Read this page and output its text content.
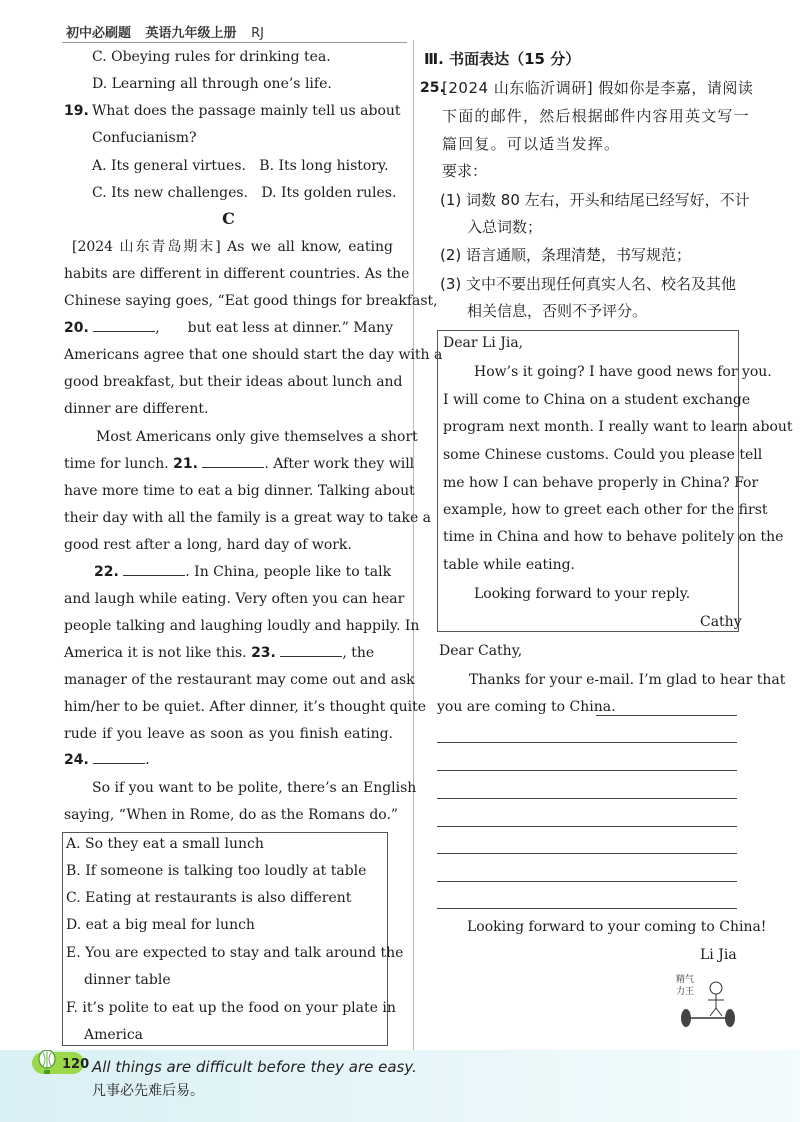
初中必刷题 英语九年级上册 RJ
C. Obeying rules for drinking tea.
D. Learning all through one’s life.
19. What does the passage mainly tell us about
Confucianism?
A. Its general virtues.   B. Its long history.
C. Its new challenges.   D. Its golden rules.
C
[2024 山东青岛期末] As we all know, eating
habits are different in different countries. As the
Chinese saying goes, “Eat good things for breakfast,
20.	, but eat less at dinner.” Many
Americans agree that one should start the day with a
good breakfast, but their ideas about lunch and
dinner are different.
Most Americans only give themselves a short
time for lunch. 21.	. After work they will
have more time to eat a big dinner. Talking about
their day with all the family is a great way to take a
good rest after a long, hard day of work.
22.	. In China, people like to talk
and laugh while eating. Very often you can hear
people talking and laughing loudly and happily. In
America it is not like this. 23.	, the
manager of the restaurant may come out and ask
him/her to be quiet. After dinner, it’s thought quite
rude if you leave as soon as you finish eating.
24.	.
So if you want to be polite, there’s an English
saying, “When in Rome, do as the Romans do.”
A. So they eat a small lunch
B. If someone is talking too loudly at table
C. Eating at restaurants is also different
D. eat a big meal for lunch
E. You are expected to stay and talk around the
dinner table
F. it’s polite to eat up the food on your plate in
America
Ⅲ. 书面表达（15 分）
25.
[2024 山东临沂调研] 假如你是李嘉，请阅读
下面的邮件，然后根据邮件内容用英文写一
篇回复。可以适当发挥。
要求：
(1) 词数 80 左右，开头和结尾已经写好，不计
入总词数；
(2) 语言通顺，条理清楚，书写规范；
(3) 文中不要出现任何真实人名、校名及其他
相关信息，否则不予评分。
Dear Li Jia,
How’s it going? I have good news for you.
I will come to China on a student exchange
program next month. I really want to learn about
some Chinese customs. Could you please tell
me how I can behave properly in China? For
example, how to greet each other for the first
time in China and how to behave politely on the
table while eating.
Looking forward to your reply.
Cathy
Dear Cathy,
Thanks for your e-mail. I’m glad to hear that
you are coming to China.
Looking forward to your coming to China!
Li Jia
精气
力王
120 All things are difficult before they are easy.
凡事必先难后易。
